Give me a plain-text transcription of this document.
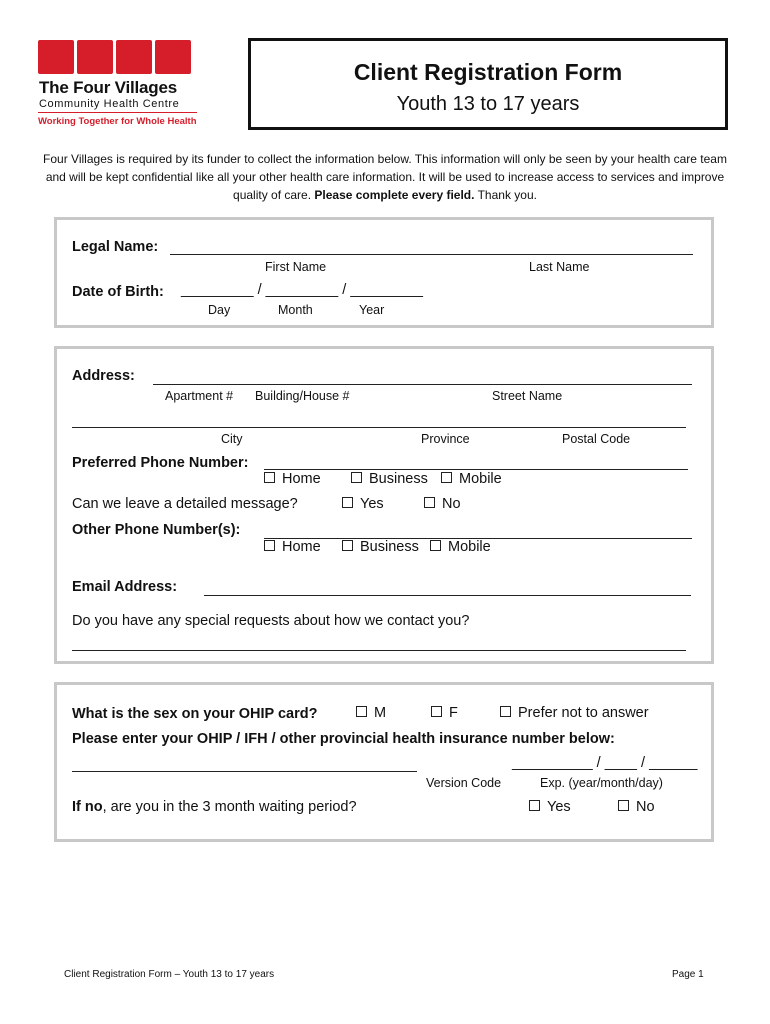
The Four Villages
Community Health Centre
Working Together for Whole Health
Client Registration Form
Youth 13 to 17 years
Four Villages is required by its funder to collect the information below. This information will only be seen by your health care team and will be kept confidential like all your other health care information. It will be used to increase access to services and improve quality of care. Please complete every field. Thank you.
Legal Name:
First Name	Last Name
Date of Birth: _________ / _________ / _________
Day	Month	Year
Address:
Apartment # Building/House #	Street Name
City	Province	Postal Code
Preferred Phone Number:
Home	Business	Mobile
Can we leave a detailed message?	Yes	No
Other Phone Number(s):
Home	Business	Mobile
Email Address:
Do you have any special requests about how we contact you?
What is the sex on your OHIP card?	M	F	Prefer not to answer
Please enter your OHIP / IFH / other provincial health insurance number below:
__________ / ____ / ______
Version Code	Exp. (year/month/day)
If no, are you in the 3 month waiting period?	Yes	No
Client Registration Form – Youth 13 to 17 years	Page 1
